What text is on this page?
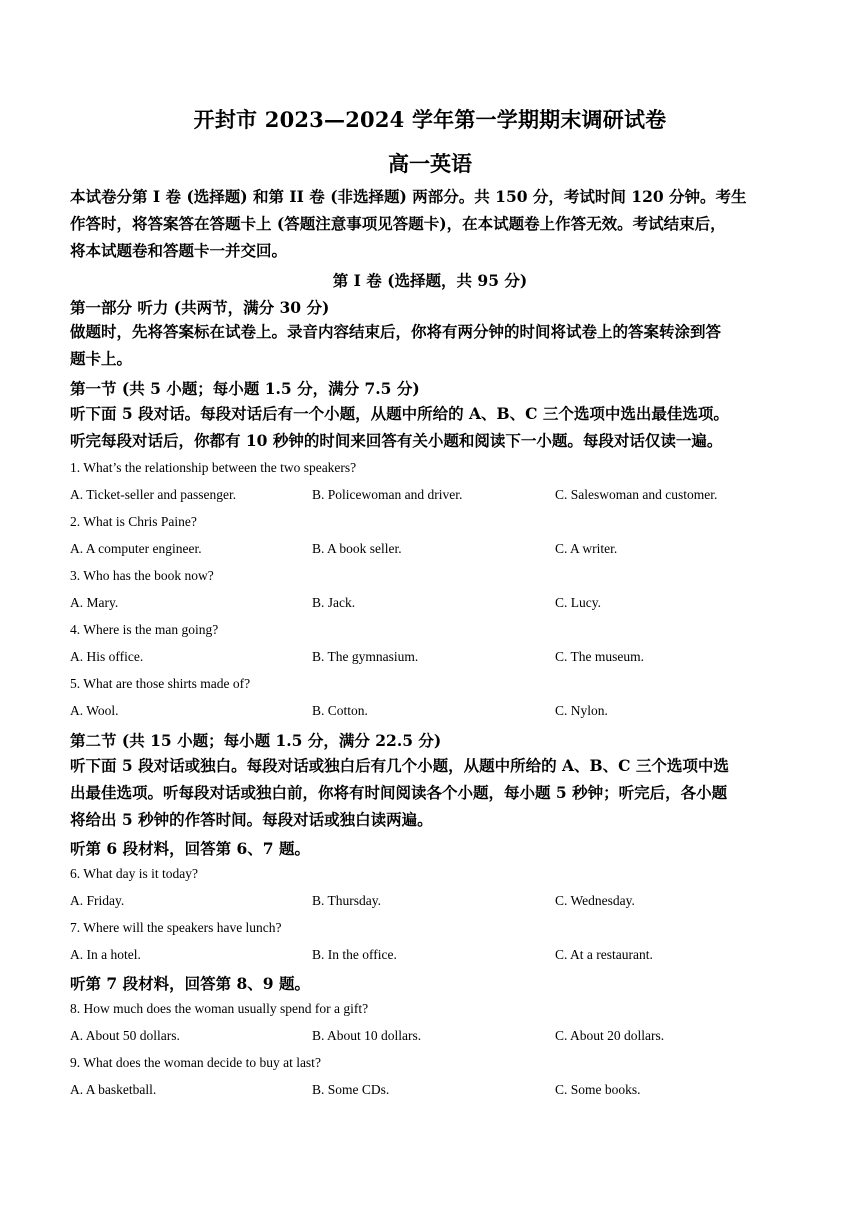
开封市 2023—2024 学年第一学期期末调研试卷
高一英语
本试卷分第 I 卷 (选择题) 和第 II 卷 (非选择题) 两部分。共 150 分，考试时间 120 分钟。考生
作答时，将答案答在答题卡上 (答题注意事项见答题卡)，在本试题卷上作答无效。考试结束后，
将本试题卷和答题卡一并交回。
第 I 卷 (选择题，共 95 分)
第一部分 听力 (共两节，满分 30 分)
做题时，先将答案标在试卷上。录音内容结束后，你将有两分钟的时间将试卷上的答案转涂到答
题卡上。
第一节 (共 5 小题；每小题 1.5 分，满分 7.5 分)
听下面 5 段对话。每段对话后有一个小题，从题中所给的 A、B、C 三个选项中选出最佳选项。
听完每段对话后，你都有 10 秒钟的时间来回答有关小题和阅读下一小题。每段对话仅读一遍。
1. What’s the relationship between the two speakers?
A. Ticket-seller and passenger.	B. Policewoman and driver.	C. Saleswoman and customer.
2. What is Chris Paine?
A. A computer engineer.	B. A book seller.	C. A writer.
3. Who has the book now?
A. Mary.	B. Jack.	C. Lucy.
4. Where is the man going?
A. His office.	B. The gymnasium.	C. The museum.
5. What are those shirts made of?
A. Wool.	B. Cotton.	C. Nylon.
第二节 (共 15 小题；每小题 1.5 分，满分 22.5 分)
听下面 5 段对话或独白。每段对话或独白后有几个小题，从题中所给的 A、B、C 三个选项中选
出最佳选项。听每段对话或独白前，你将有时间阅读各个小题，每小题 5 秒钟；听完后，各小题
将给出 5 秒钟的作答时间。每段对话或独白读两遍。
听第 6 段材料，回答第 6、7 题。
6. What day is it today?
A. Friday.	B. Thursday.	C. Wednesday.
7. Where will the speakers have lunch?
A. In a hotel.	B. In the office.	C. At a restaurant.
听第 7 段材料，回答第 8、9 题。
8. How much does the woman usually spend for a gift?
A. About 50 dollars.	B. About 10 dollars.	C. About 20 dollars.
9. What does the woman decide to buy at last?
A. A basketball.	B. Some CDs.	C. Some books.
